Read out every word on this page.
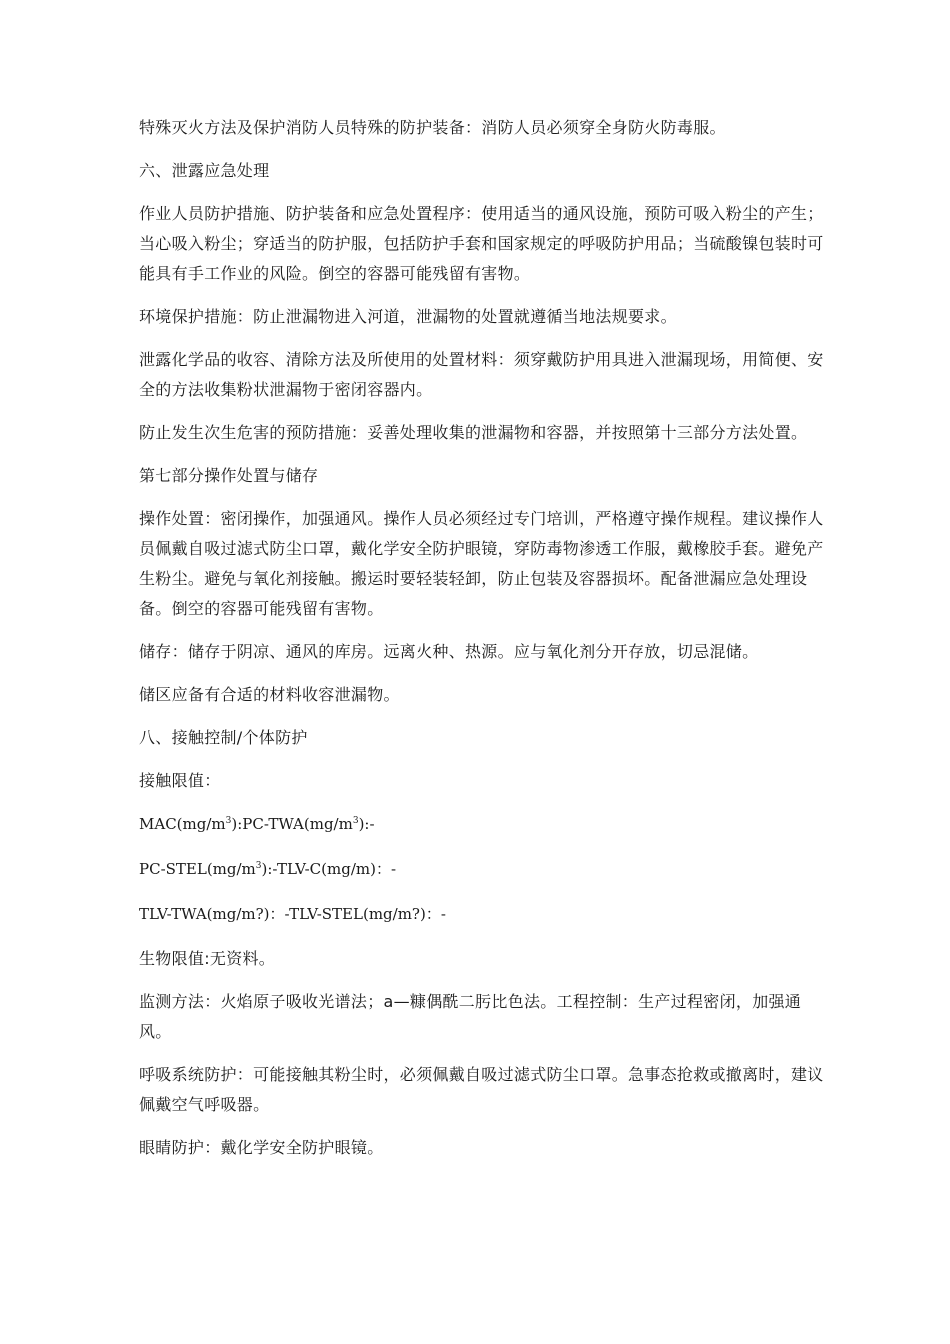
特殊灭火方法及保护消防人员特殊的防护装备：消防人员必须穿全身防火防毒服。

六、泄露应急处理

作业人员防护措施、防护装备和应急处置程序：使用适当的通风设施，预防可吸入粉尘的产生；当心吸入粉尘；穿适当的防护服，包括防护手套和国家规定的呼吸防护用品；当硫酸镍包装时可能具有手工作业的风险。倒空的容器可能残留有害物。

环境保护措施：防止泄漏物进入河道，泄漏物的处置就遵循当地法规要求。

泄露化学品的收容、清除方法及所使用的处置材料：须穿戴防护用具进入泄漏现场，用简便、安全的方法收集粉状泄漏物于密闭容器内。

防止发生次生危害的预防措施：妥善处理收集的泄漏物和容器，并按照第十三部分方法处置。

第七部分操作处置与储存

操作处置：密闭操作，加强通风。操作人员必须经过专门培训，严格遵守操作规程。建议操作人员佩戴自吸过滤式防尘口罩，戴化学安全防护眼镜，穿防毒物渗透工作服，戴橡胶手套。避免产生粉尘。避免与氧化剂接触。搬运时要轻装轻卸，防止包装及容器损坏。配备泄漏应急处理设备。倒空的容器可能残留有害物。

储存：储存于阴凉、通风的库房。远离火种、热源。应与氧化剂分开存放，切忌混储。

储区应备有合适的材料收容泄漏物。

八、接触控制/个体防护

接触限值：

$MAC(mg/m^3):PC-TWA(mg/m^3):-$

$PC-STEL(mg/m^3):-TLV-C(mg/m)$：-

TLV-TWA(mg/m?)：-TLV-STEL(mg/m?)：-

生物限值:无资料。

监测方法：火焰原子吸收光谱法；a—糠偶酰二肟比色法。工程控制：生产过程密闭，加强通风。

呼吸系统防护：可能接触其粉尘时，必须佩戴自吸过滤式防尘口罩。急事态抢救或撤离时，建议佩戴空气呼吸器。

眼睛防护：戴化学安全防护眼镜。
